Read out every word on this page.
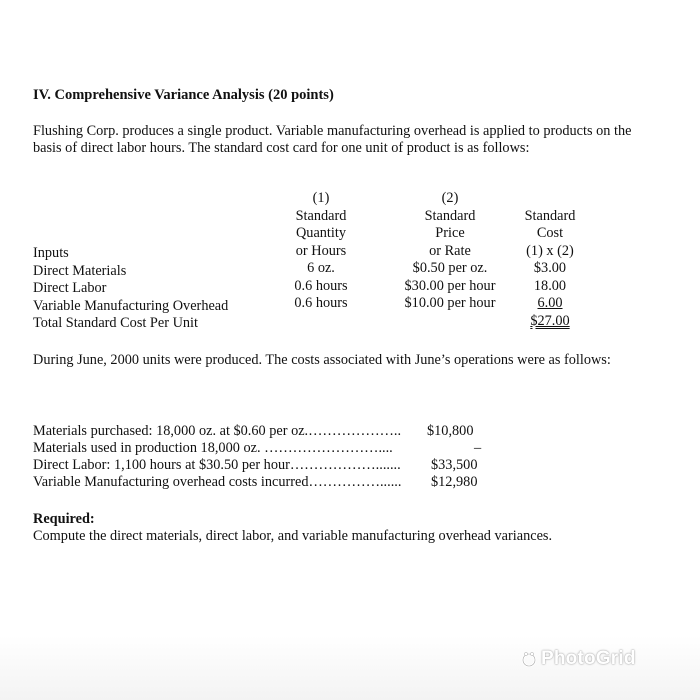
IV. Comprehensive Variance Analysis (20 points)
Flushing Corp. produces a single product. Variable manufacturing overhead is applied to products on the basis of direct labor hours. The standard cost card for one unit of product is as follows:
Inputs
Direct Materials
Direct Labor
Variable Manufacturing Overhead
Total Standard Cost Per Unit
(1)
Standard
Quantity
or Hours
6 oz.
0.6 hours
0.6 hours
(2)
Standard
Price
or Rate
$0.50 per oz.
$30.00 per hour
$10.00 per hour
Standard
Cost
(1) x (2)
$3.00
18.00
6.00
$27.00
During June, 2000 units were produced. The costs associated with June’s operations were as follows:
Materials purchased: 18,000 oz. at $0.60 per oz.……………….. $10,800
Materials used in production 18,000 oz. ……………………....	–
Direct Labor: 1,100 hours at $30.50 per hour………………....... $33,500
Variable Manufacturing overhead costs incurred……………...... $12,980
Required:
Compute the direct materials, direct labor, and variable manufacturing overhead variances.
PhotoGrid
